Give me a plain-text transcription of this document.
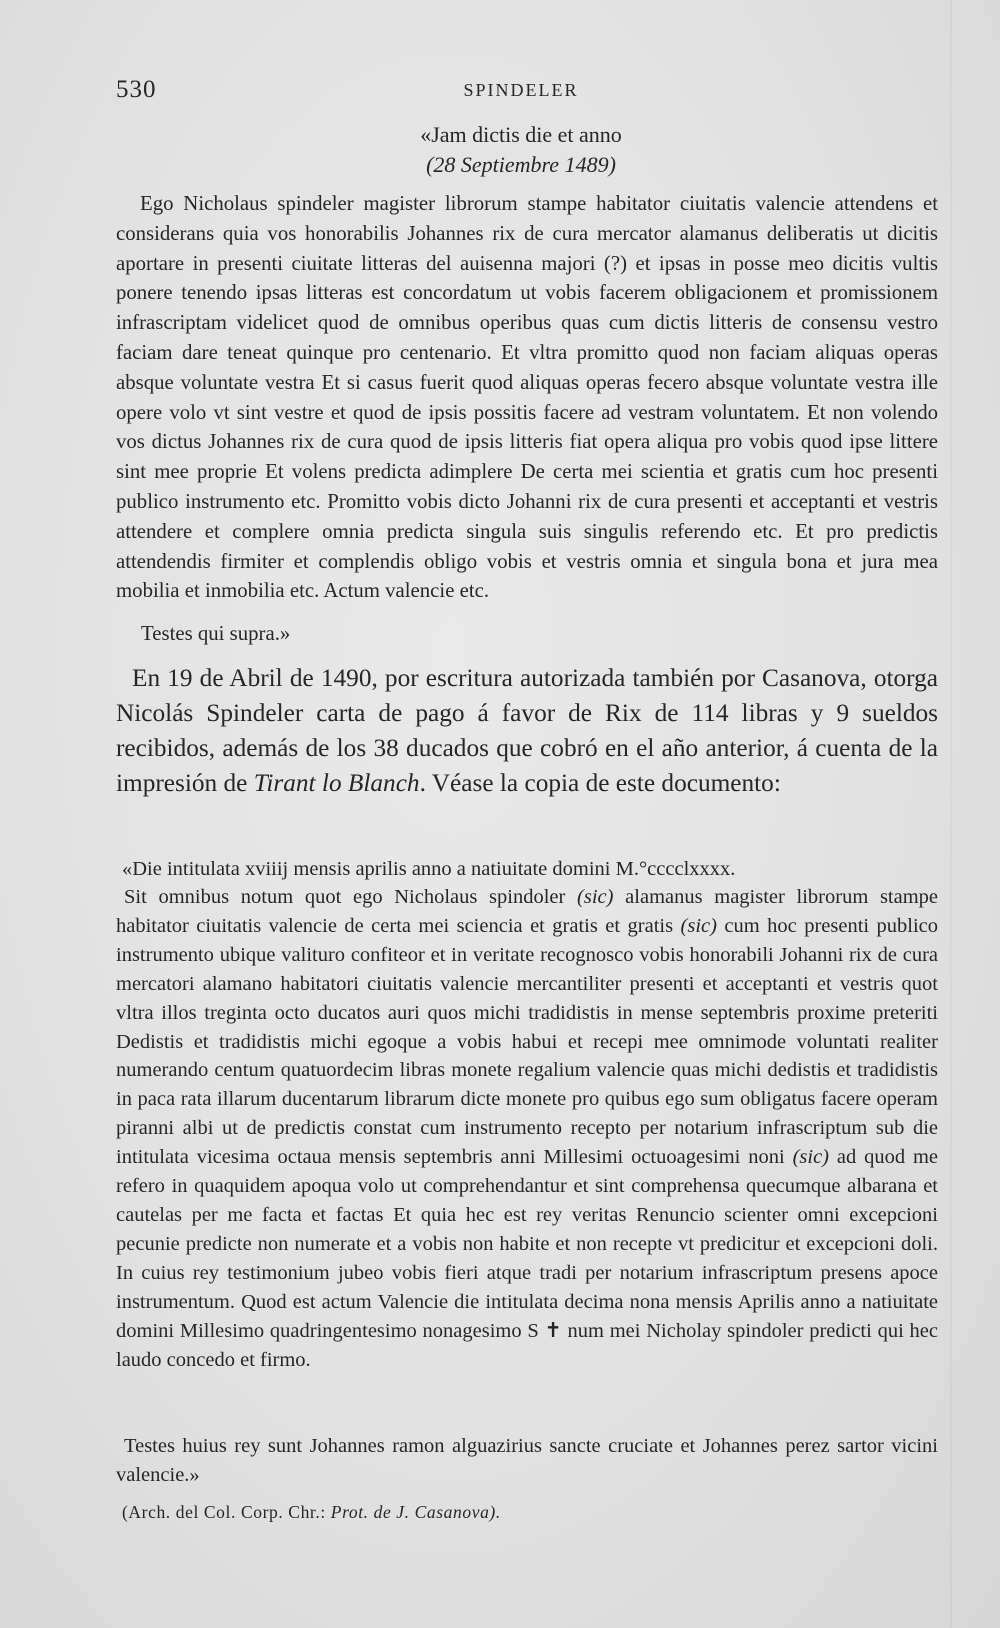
530	SPINDELER
«Jam dictis die et anno
(28 Septiembre 1489)

Ego Nicholaus spindeler magister librorum stampe habitator ciuitatis valencie attendens et considerans quia vos honorabilis Johannes rix de cura mercator alamanus deliberatis ut dicitis aportare in presenti ciuitate litteras del auisenna majori (?) et ipsas in posse meo dicitis vultis ponere tenendo ipsas litteras est concordatum ut vobis facerem obligacionem et promissionem infrascriptam videlicet quod de omnibus operibus quas cum dictis litteris de consensu vestro faciam dare teneat quinque pro centenario. Et vltra promitto quod non faciam aliquas operas absque voluntate vestra Et si casus fuerit quod aliquas operas fecero absque voluntate vestra ille opere volo vt sint vestre et quod de ipsis possitis facere ad vestram voluntatem. Et non volendo vos dictus Johannes rix de cura quod de ipsis litteris fiat opera aliqua pro vobis quod ipse littere sint mee proprie Et volens predicta adimplere De certa mei scientia et gratis cum hoc presenti publico instrumento etc. Promitto vobis dicto Johanni rix de cura presenti et acceptanti et vestris attendere et complere omnia predicta singula suis singulis referendo etc. Et pro predictis attendendis firmiter et complendis obligo vobis et vestris omnia et singula bona et jura mea mobilia et inmobilia etc. Actum valencie etc.

Testes qui supra.»

En 19 de Abril de 1490, por escritura autorizada también por Casanova, otorga Nicolás Spindeler carta de pago á favor de Rix de 114 libras y 9 sueldos recibidos, además de los 38 ducados que cobró en el año anterior, á cuenta de la impresión de Tirant lo Blanch. Véase la copia de este documento:

«Die intitulata xviiij mensis aprilis anno a natiuitate domini M.°cccclxxxx.

Sit omnibus notum quot ego Nicholaus spindoler (sic) alamanus magister librorum stampe habitator ciuitatis valencie de certa mei sciencia et gratis et gratis (sic) cum hoc presenti publico instrumento ubique valituro confiteor et in veritate recognosco vobis honorabili Johanni rix de cura mercatori alamano habitatori ciuitatis valencie mercantiliter presenti et acceptanti et vestris quot vltra illos treginta octo ducatos auri quos michi tradidistis in mense septembris proxime preteriti Dedistis et tradidistis michi egoque a vobis habui et recepi mee omnimode voluntati realiter numerando centum quatuordecim libras monete regalium valencie quas michi dedistis et tradidistis in paca rata illarum ducentarum librarum dicte monete pro quibus ego sum obligatus facere operam piranni albi ut de predictis constat cum instrumento recepto per notarium infrascriptum sub die intitulata vicesima octaua mensis septembris anni Millesimi octuoagesimi noni (sic) ad quod me refero in quaquidem apoqua volo ut comprehendantur et sint comprehensa quecumque albarana et cautelas per me facta et factas Et quia hec est rey veritas Renuncio scienter omni excepcioni pecunie predicte non numerate et a vobis non habite et non recepte vt predicitur et excepcioni doli. In cuius rey testimonium jubeo vobis fieri atque tradi per notarium infrascriptum presens apoce instrumentum. Quod est actum Valencie die intitulata decima nona mensis Aprilis anno a natiuitate domini Millesimo quadringentesimo nonagesimo S ✝ num mei Nicholay spindoler predicti qui hec laudo concedo et firmo.

Testes huius rey sunt Johannes ramon alguazirius sancte cruciate et Johannes perez sartor vicini valencie.»

(Arch. del Col. Corp. Chr.: Prot. de J. Casanova).
